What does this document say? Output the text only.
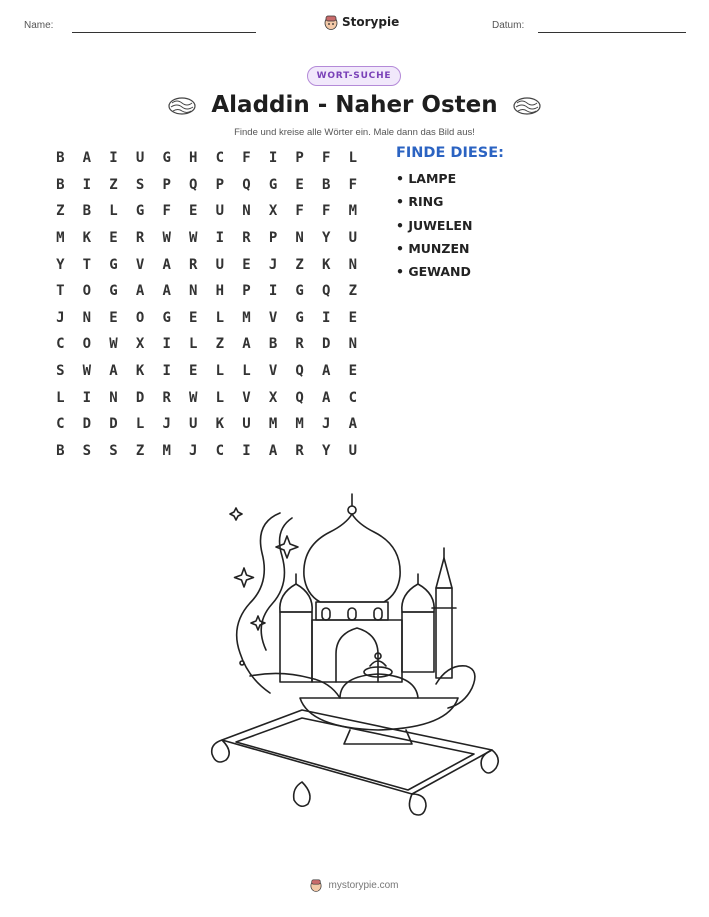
Name:	Storypie	Datum:
WORT-SUCHE
Aladdin - Naher Osten
Finde und kreise alle Wörter ein. Male dann das Bild aus!
B	A	I	U	G	H	C	F	I	P	F	L
B	I	Z	S	P	Q	P	Q	G	E	B	F
Z	B	L	G	F	E	U	N	X	F	F	M
M	K	E	R	W	W	I	R	P	N	Y	U
Y	T	G	V	A	R	U	E	J	Z	K	N
T	O	G	A	A	N	H	P	I	G	Q	Z
J	N	E	O	G	E	L	M	V	G	I	E
C	O	W	X	I	L	Z	A	B	R	D	N
S	W	A	K	I	E	L	L	V	Q	A	E
L	I	N	D	R	W	L	V	X	Q	A	C
C	D	D	L	J	U	K	U	M	M	J	A
B	S	S	Z	M	J	C	I	A	R	Y	U
FINDE DIESE:
• LAMPE
• RING
• JUWELEN
• MUNZEN
• GEWAND
mystorypie.com
